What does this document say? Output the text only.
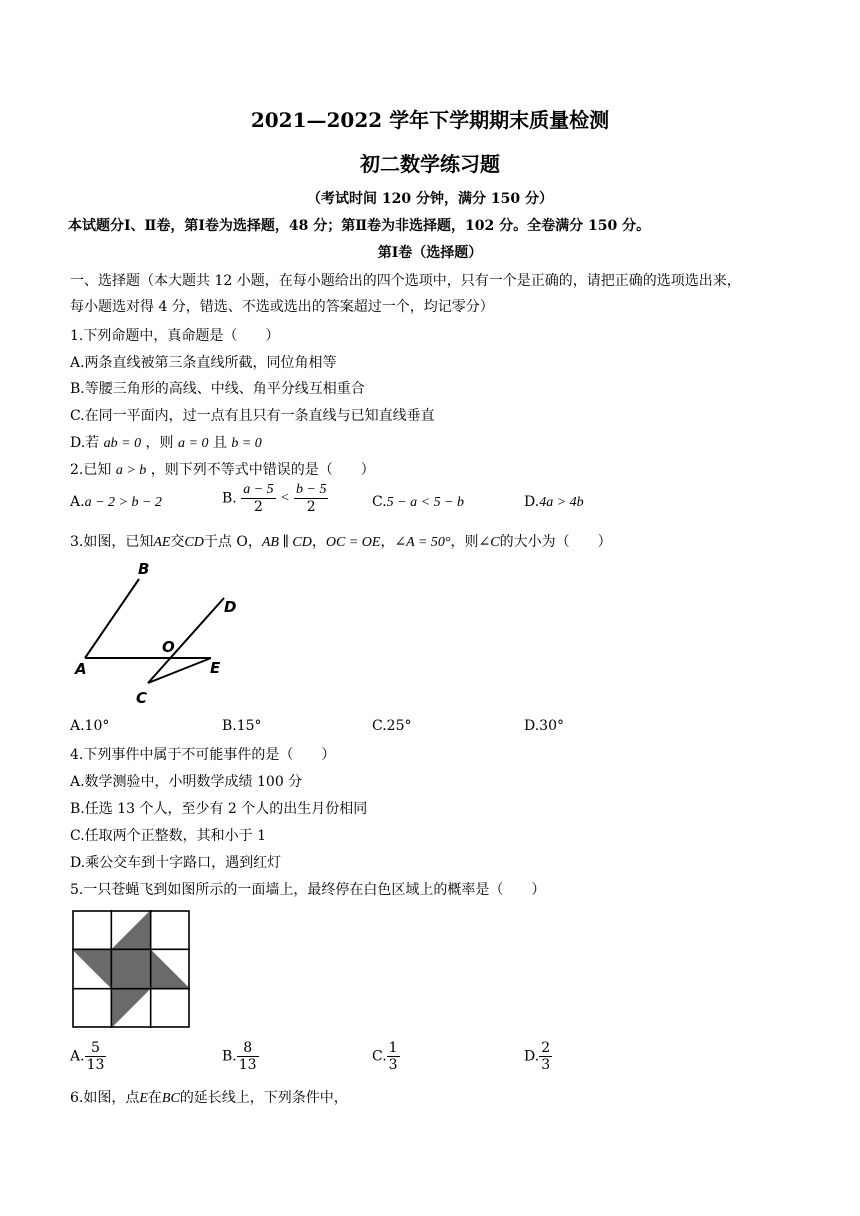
2021—2022 学年下学期期末质量检测
初二数学练习题
（考试时间 120 分钟，满分 150 分）
本试题分Ⅰ、Ⅱ卷，第Ⅰ卷为选择题，48 分；第Ⅱ卷为非选择题，102 分。全卷满分 150 分。
第Ⅰ卷（选择题）
一、选择题（本大题共 12 小题，在每小题给出的四个选项中，只有一个是正确的，请把正确的选项选出来，
每小题选对得 4 分，错选、不选或选出的答案超过一个，均记零分）
1.下列命题中，真命题是（　　）
A.两条直线被第三条直线所截，同位角相等
B.等腰三角形的高线、中线、角平分线互相重合
C.在同一平面内，过一点有且只有一条直线与已知直线垂直
D.若 ab = 0 ，则 a = 0 且 b = 0
2.已知 a > b ，则下列不等式中错误的是（　　）
A.a − 2 > b − 2	B. $\frac{a - 5}{2} < \frac{b - 5}{2}$	C.5 − a < 5 − b	D.4a > 4b
3.如图，已知AE交CD于点 O，AB ∥ CD，OC = OE，∠A = 50°，则∠C的大小为（　　）
B
D
O
A	E
C
A.10°	B.15°	C.25°	D.30°
4.下列事件中属于不可能事件的是（　　）
A.数学测验中，小明数学成绩 100 分
B.任选 13 个人，至少有 2 个人的出生月份相同
C.任取两个正整数，其和小于 1
D.乘公交车到十字路口，遇到红灯
5.一只苍蝇飞到如图所示的一面墙上，最终停在白色区域上的概率是（　　）
A. $\frac{5}{13}$	B. $\frac{8}{13}$	C. $\frac{1}{3}$	D. $\frac{2}{3}$
6.如图，点E在BC的延长线上，下列条件中，
